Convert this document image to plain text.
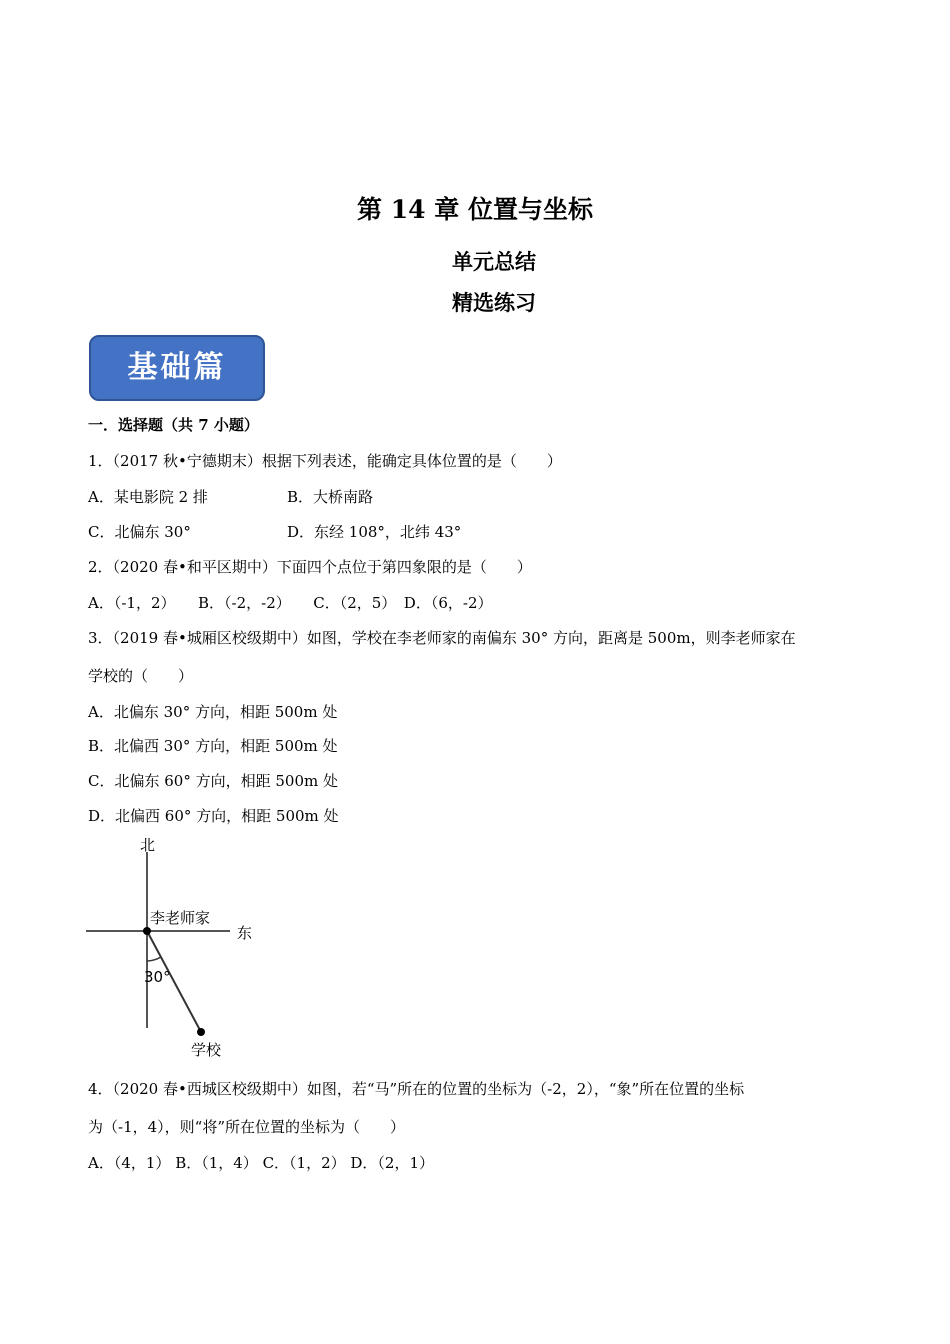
第 14 章 位置与坐标
单元总结
精选练习
基础篇
一．选择题（共 7 小题）
1．（2017 秋•宁德期末）根据下列表述，能确定具体位置的是（　　）
A．某电影院 2 排	B．大桥南路
C．北偏东 30°	D．东经 108°，北纬 43°
2．（2020 春•和平区期中）下面四个点位于第四象限的是（　　）
A．（-1，2）　　B．（-2，-2）　　C．（2，5）　D．（6，-2）
3．（2019 春•城厢区校级期中）如图，学校在李老师家的南偏东 30° 方向，距离是 500m，则李老师家在
学校的（　　）
A．北偏东 30° 方向，相距 500m 处
B．北偏西 30° 方向，相距 500m 处
C．北偏东 60° 方向，相距 500m 处
D．北偏西 60° 方向，相距 500m 处
北
东
李老师家
30°
学校
4．（2020 春•西城区校级期中）如图，若“马”所在的位置的坐标为（-2，2），“象”所在位置的坐标
为（-1，4），则“将”所在位置的坐标为（　　）
A．（4，1） B．（1，4） C．（1，2） D．（2，1）
